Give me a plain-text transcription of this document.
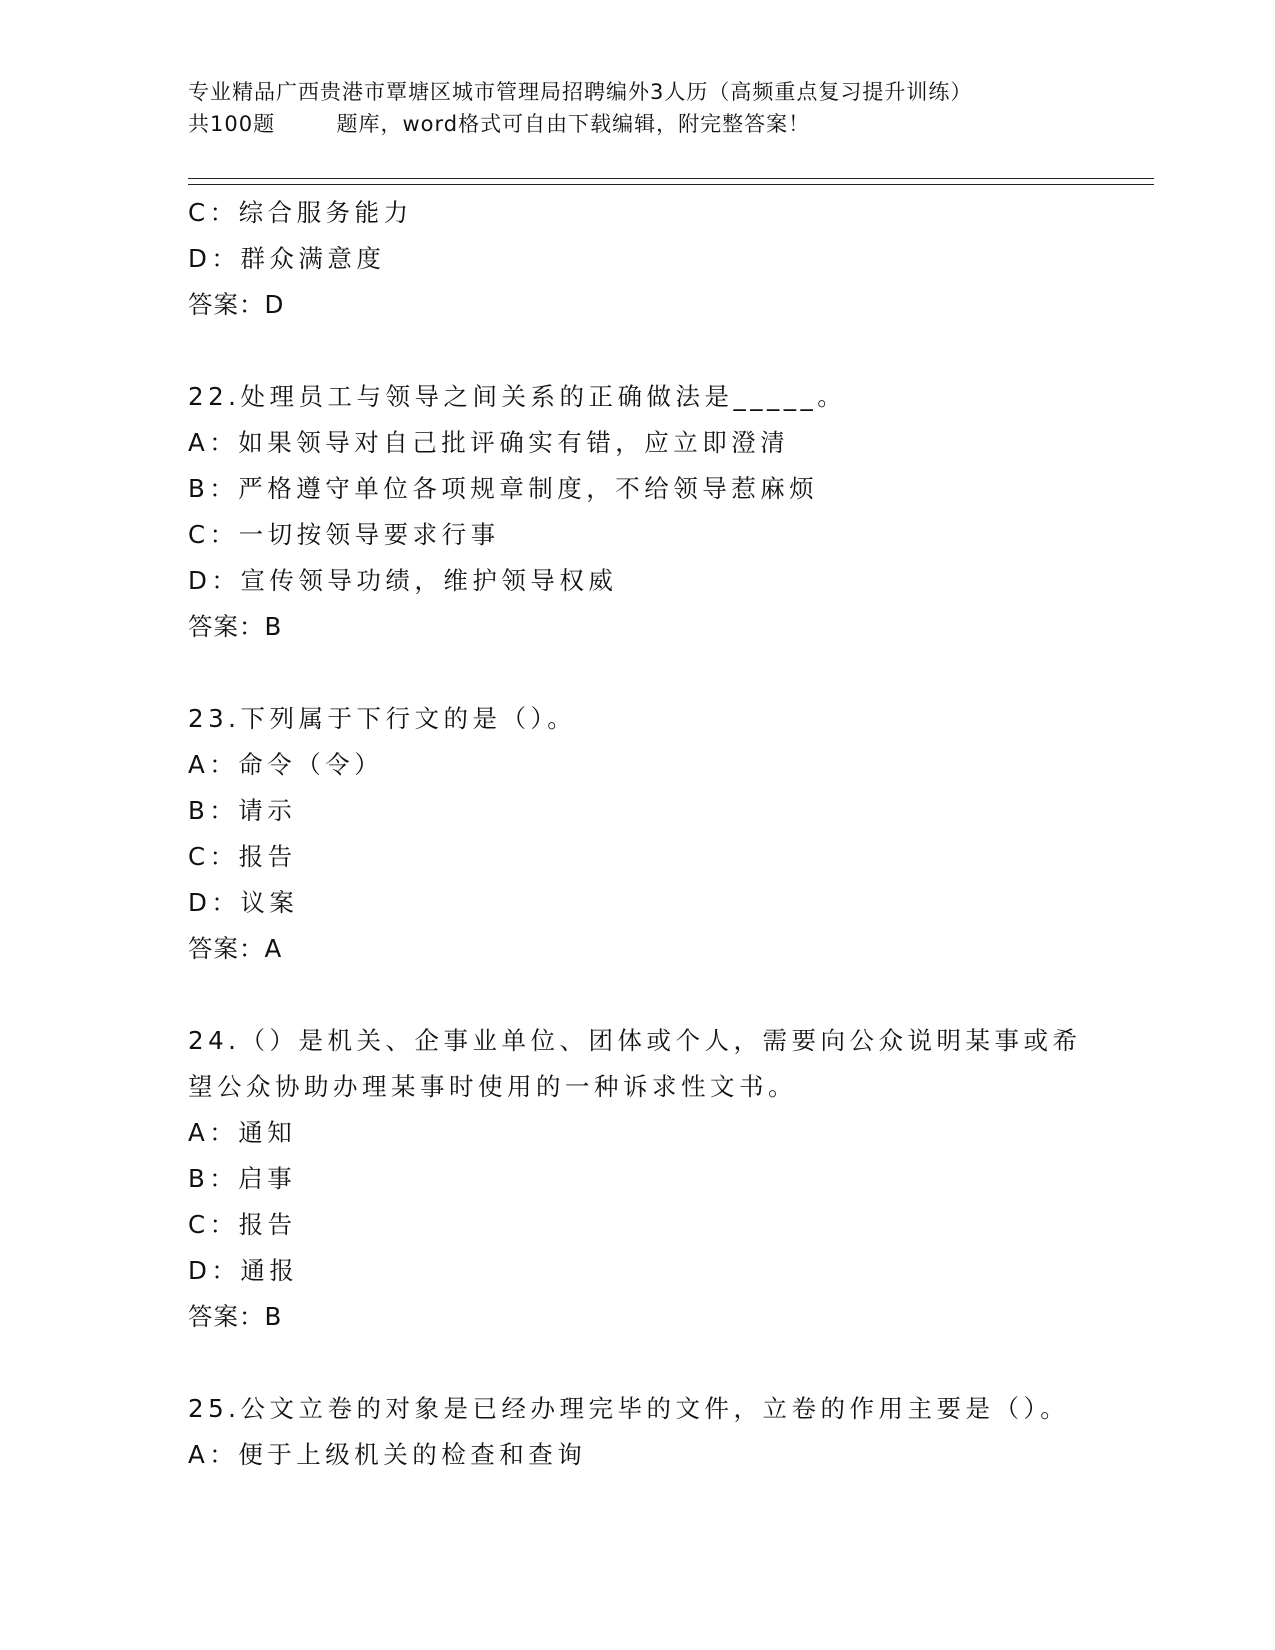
专业精品广西贵港市覃塘区城市管理局招聘编外3人历（高频重点复习提升训练）
共100题        题库，word格式可自由下载编辑，附完整答案！
C：综合服务能力
D：群众满意度
答案：D
22.处理员工与领导之间关系的正确做法是_____。
A：如果领导对自己批评确实有错，应立即澄清
B：严格遵守单位各项规章制度，不给领导惹麻烦
C：一切按领导要求行事
D：宣传领导功绩，维护领导权威
答案：B
23.下列属于下行文的是（）。
A：命令（令）
B：请示
C：报告
D：议案
答案：A
24.（）是机关、企事业单位、团体或个人，需要向公众说明某事或希
望公众协助办理某事时使用的一种诉求性文书。
A：通知
B：启事
C：报告
D：通报
答案：B
25.公文立卷的对象是已经办理完毕的文件，立卷的作用主要是（）。
A：便于上级机关的检查和查询
